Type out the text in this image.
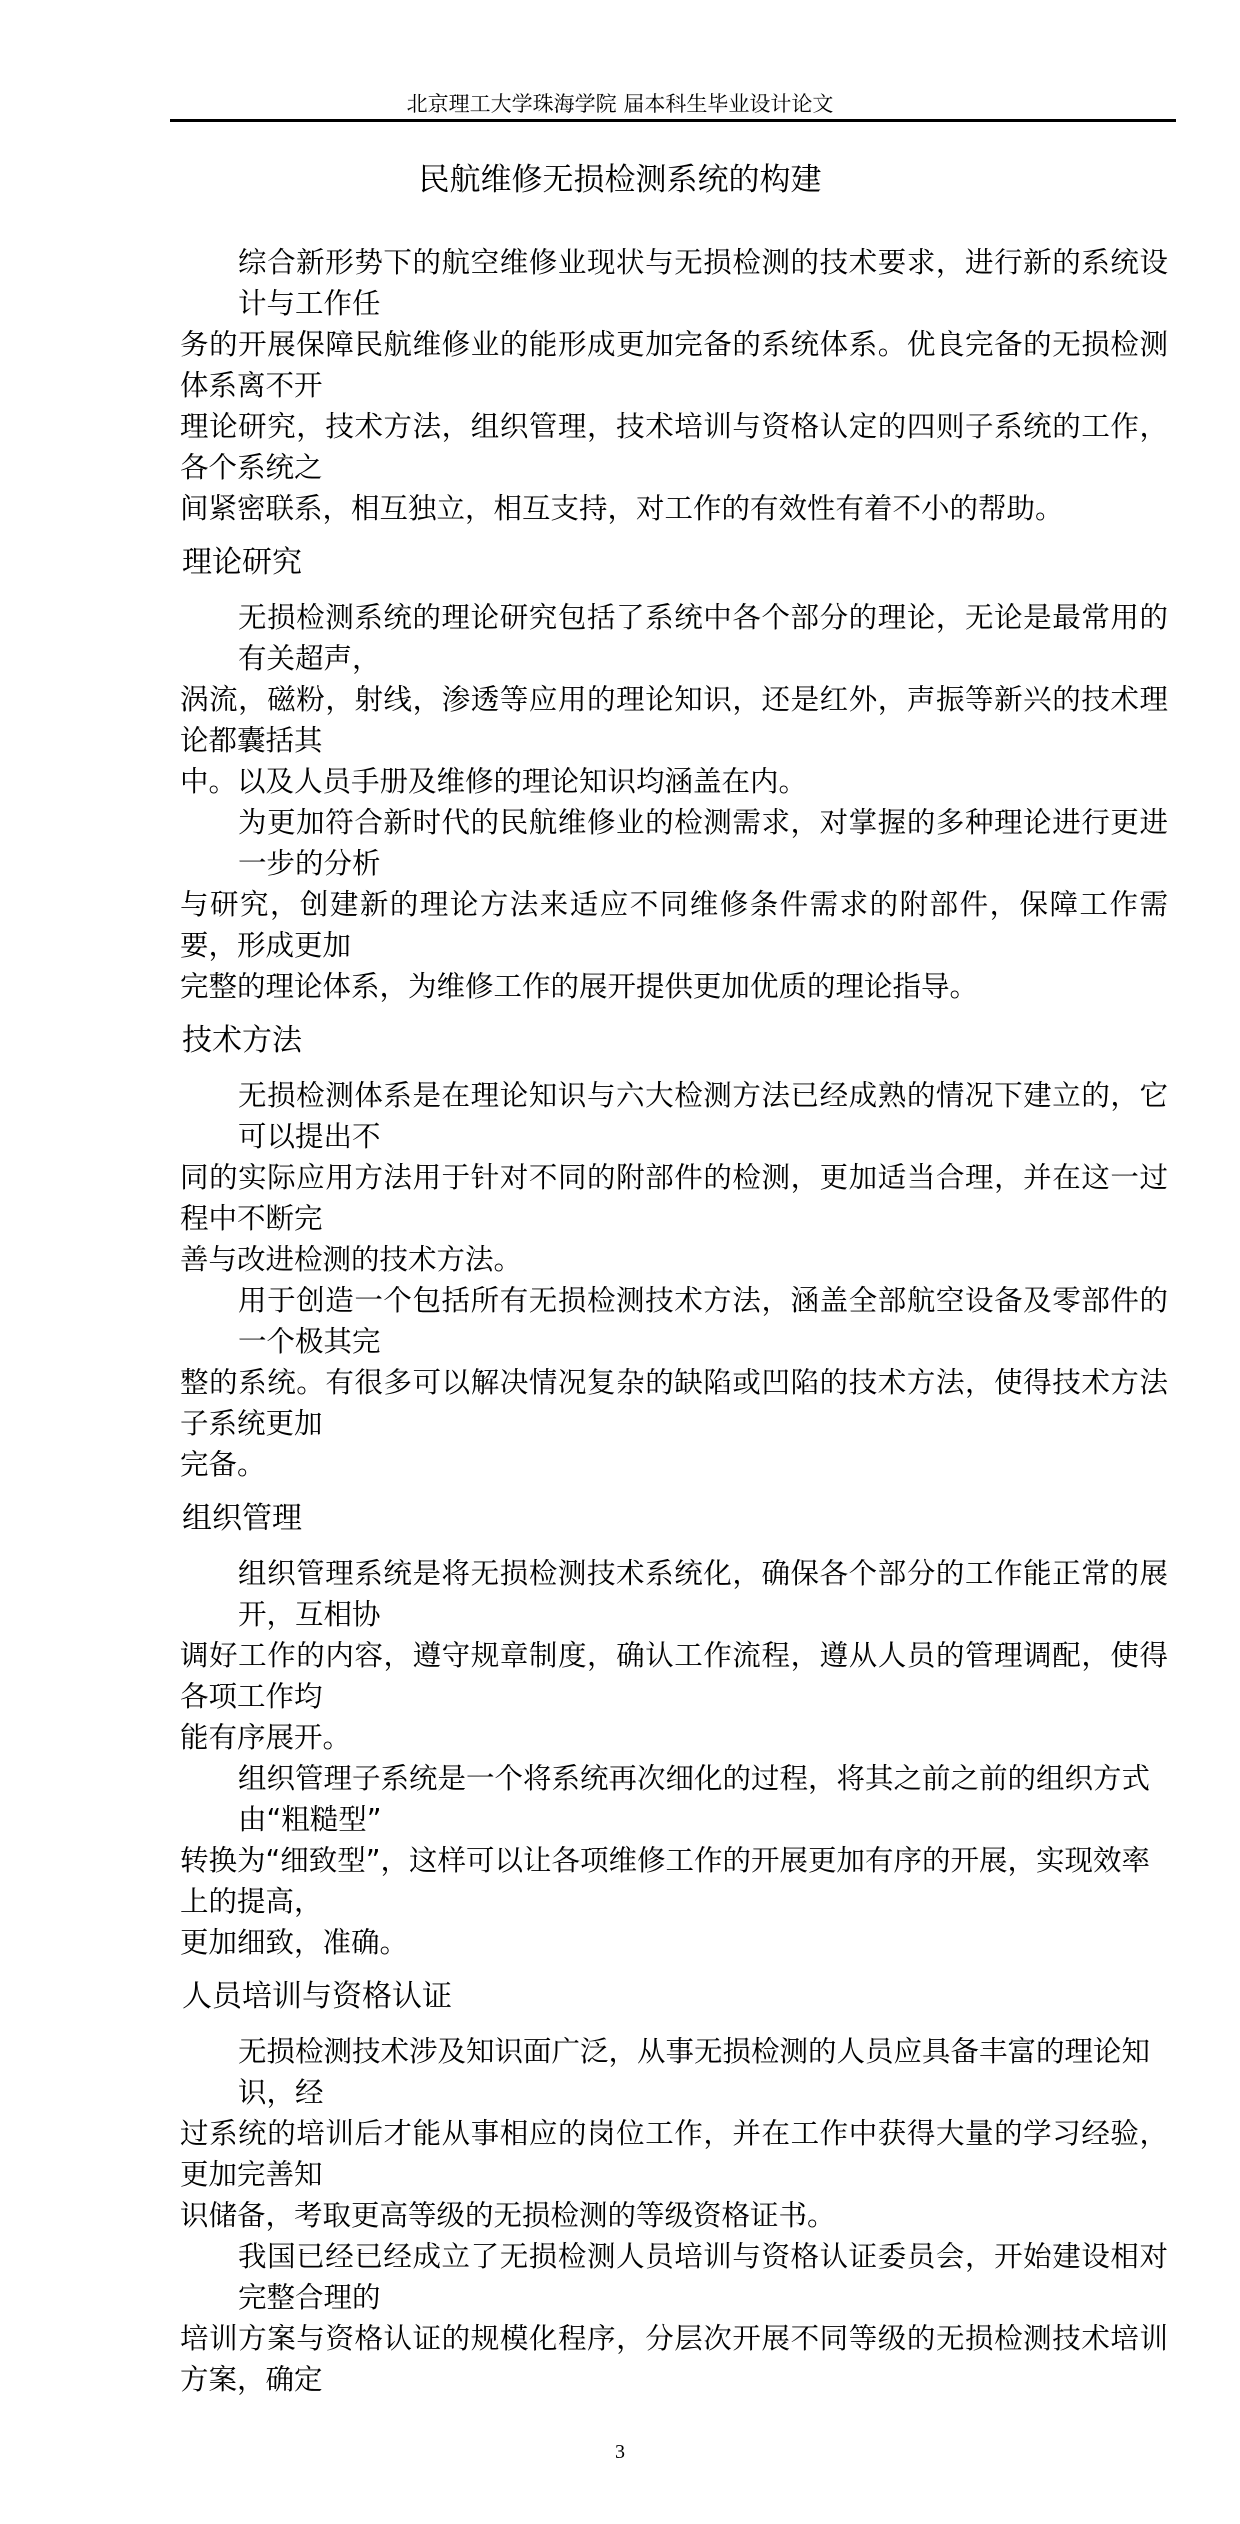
北京理工大学珠海学院 届本科生毕业设计论文
民航维修无损检测系统的构建
综合新形势下的航空维修业现状与无损检测的技术要求，进行新的系统设计与工作任
务的开展保障民航维修业的能形成更加完备的系统体系。优良完备的无损检测体系离不开
理论研究，技术方法，组织管理，技术培训与资格认定的四则子系统的工作，各个系统之
间紧密联系，相互独立，相互支持，对工作的有效性有着不小的帮助。
理论研究
无损检测系统的理论研究包括了系统中各个部分的理论，无论是最常用的有关超声，
涡流，磁粉，射线，渗透等应用的理论知识，还是红外，声振等新兴的技术理论都囊括其
中。以及人员手册及维修的理论知识均涵盖在内。
为更加符合新时代的民航维修业的检测需求，对掌握的多种理论进行更进一步的分析
与研究，创建新的理论方法来适应不同维修条件需求的附部件，保障工作需要，形成更加
完整的理论体系，为维修工作的展开提供更加优质的理论指导。
技术方法
无损检测体系是在理论知识与六大检测方法已经成熟的情况下建立的，它可以提出不
同的实际应用方法用于针对不同的附部件的检测，更加适当合理，并在这一过程中不断完
善与改进检测的技术方法。
用于创造一个包括所有无损检测技术方法，涵盖全部航空设备及零部件的一个极其完
整的系统。有很多可以解决情况复杂的缺陷或凹陷的技术方法，使得技术方法子系统更加
完备。
组织管理
组织管理系统是将无损检测技术系统化，确保各个部分的工作能正常的展开，互相协
调好工作的内容，遵守规章制度，确认工作流程，遵从人员的管理调配，使得各项工作均
能有序展开。
组织管理子系统是一个将系统再次细化的过程，将其之前之前的组织方式由“粗糙型”
转换为“细致型”，这样可以让各项维修工作的开展更加有序的开展，实现效率上的提高，
更加细致，准确。
人员培训与资格认证
无损检测技术涉及知识面广泛，从事无损检测的人员应具备丰富的理论知识，经
过系统的培训后才能从事相应的岗位工作，并在工作中获得大量的学习经验，更加完善知
识储备，考取更高等级的无损检测的等级资格证书。
我国已经已经成立了无损检测人员培训与资格认证委员会，开始建设相对完整合理的
培训方案与资格认证的规模化程序，分层次开展不同等级的无损检测技术培训方案，确定
3
